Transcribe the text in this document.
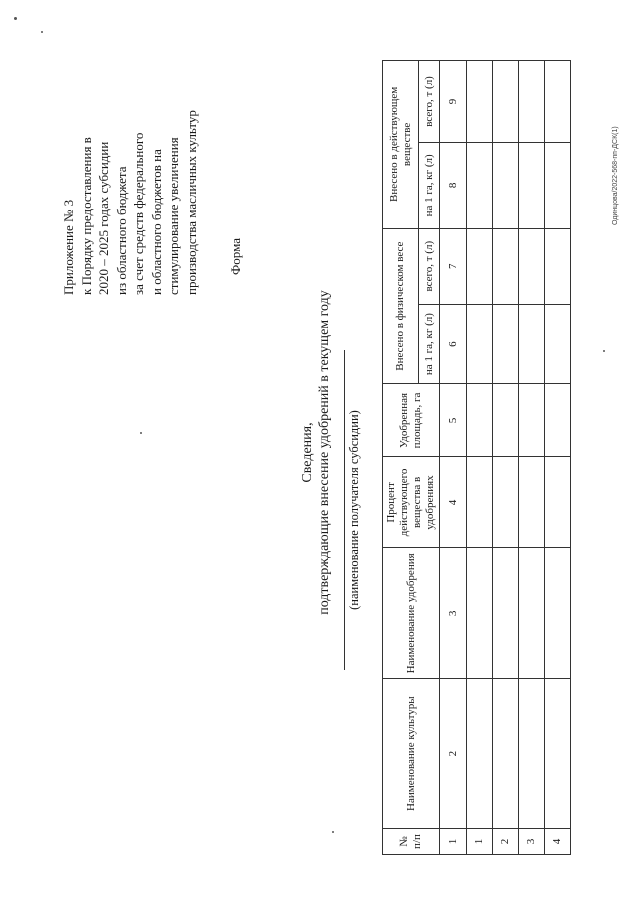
Приложение № 3 к Порядку предоставления в 2020 – 2025 годах субсидии из областного бюджета за счет средств федерального и областного бюджетов на стимулирование увеличения производства масличных культур Форма
Сведения, подтверждающие внесение удобрений в текущем году (наименование получателя субсидии)
№ п/п	Наименование культуры	Наименование удобрения	Процент действующего вещества в удобрениях	Удобренная площадь, га	Внесено в физическом весе		Внесено в действующем веществе	
					на 1 га, кг (л)	всего, т (л)	на 1 га, кг (л)	всего, т (л)
1	2	3	4	5	6	7	8	9
1								
2								
3								
4								
Одинцова/2022-568-пп-ДСК(1)
